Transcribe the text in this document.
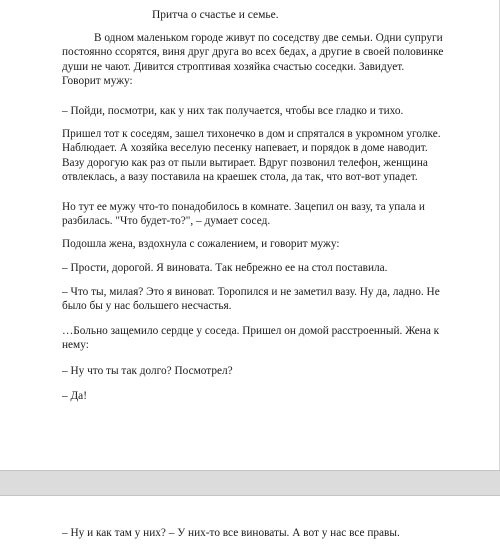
Притча о счастье и семье.

В одном маленьком городе живут по соседству две семьи. Одни супруги
постоянно ссорятся, виня друг друга во всех бедах, а другие в своей половинке
души не чают. Дивится строптивая хозяйка счастью соседки. Завидует.
Говорит мужу:

– Пойди, посмотри, как у них так получается, чтобы все гладко и тихо.

Пришел тот к соседям, зашел тихонечко в дом и спрятался в укромном уголке.
Наблюдает. А хозяйка веселую песенку напевает, и порядок в доме наводит.
Вазу дорогую как раз от пыли вытирает. Вдруг позвонил телефон, женщина
отвлеклась, а вазу поставила на краешек стола, да так, что вот-вот упадет.

Но тут ее мужу что-то понадобилось в комнате. Зацепил он вазу, та упала и
разбилась. "Что будет-то?", – думает сосед.

Подошла жена, вздохнула с сожалением, и говорит мужу:

– Прости, дорогой. Я виновата. Так небрежно ее на стол поставила.

– Что ты, милая? Это я виноват. Торопился и не заметил вазу. Ну да, ладно. Не
было бы у нас большего несчастья.

…Больно защемило сердце у соседа. Пришел он домой расстроенный. Жена к
нему:

– Ну что ты так долго? Посмотрел?

– Да!

– Ну и как там у них? – У них-то все виноваты. А вот у нас все правы.
